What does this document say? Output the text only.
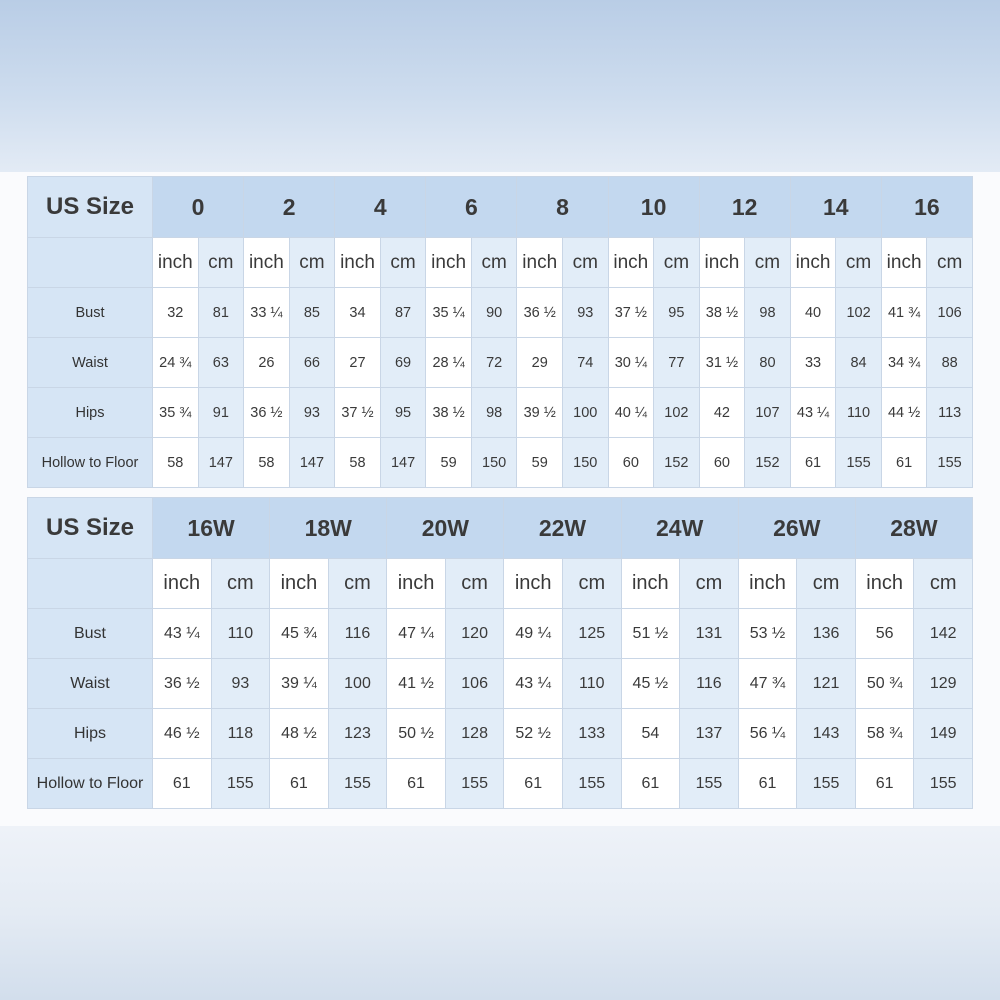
US Size	0		2		4		6		8		10		12		14		16	
	inch	cm	inch	cm	inch	cm	inch	cm	inch	cm	inch	cm	inch	cm	inch	cm	inch	cm
Bust	32	81	33 ¼	85	34	87	35 ¼	90	36 ½	93	37 ½	95	38 ½	98	40	102	41 ¾	106
Waist	24 ¾	63	26	66	27	69	28 ¼	72	29	74	30 ¼	77	31 ½	80	33	84	34 ¾	88
Hips	35 ¾	91	36 ½	93	37 ½	95	38 ½	98	39 ½	100	40 ¼	102	42	107	43 ¼	110	44 ½	113
Hollow to Floor	58	147	58	147	58	147	59	150	59	150	60	152	60	152	61	155	61	155
US Size	16W		18W		20W		22W		24W		26W		28W	
	inch	cm	inch	cm	inch	cm	inch	cm	inch	cm	inch	cm	inch	cm
Bust	43 ¼	110	45 ¾	116	47 ¼	120	49 ¼	125	51 ½	131	53 ½	136	56	142
Waist	36 ½	93	39 ¼	100	41 ½	106	43 ¼	110	45 ½	116	47 ¾	121	50 ¾	129
Hips	46 ½	118	48 ½	123	50 ½	128	52 ½	133	54	137	56 ¼	143	58 ¾	149
Hollow to Floor	61	155	61	155	61	155	61	155	61	155	61	155	61	155
